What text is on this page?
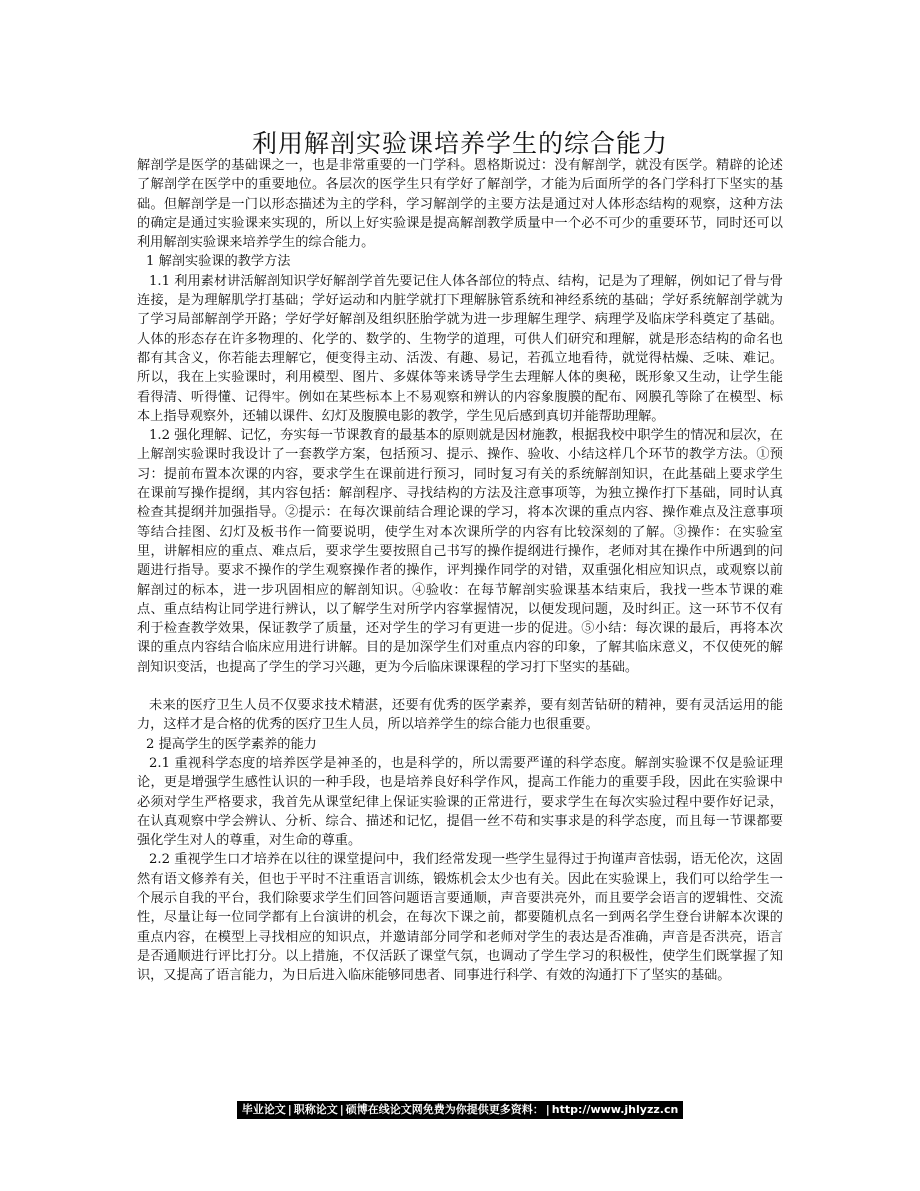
利用解剖实验课培养学生的综合能力

解剖学是医学的基础课之一，也是非常重要的一门学科。恩格斯说过：没有解剖学，就没有医学。精辟的论述了解剖学在医学中的重要地位。各层次的医学生只有学好了解剖学，才能为后面所学的各门学科打下坚实的基础。但解剖学是一门以形态描述为主的学科，学习解剖学的主要方法是通过对人体形态结构的观察，这种方法的确定是通过实验课来实现的，所以上好实验课是提高解剖教学质量中一个必不可少的重要环节，同时还可以利用解剖实验课来培养学生的综合能力。

1 解剖实验课的教学方法

1.1 利用素材讲活解剖知识学好解剖学首先要记住人体各部位的特点、结构，记是为了理解，例如记了骨与骨连接，是为理解肌学打基础；学好运动和内脏学就打下理解脉管系统和神经系统的基础；学好系统解剖学就为了学习局部解剖学开路；学好学好解剖及组织胚胎学就为进一步理解生理学、病理学及临床学科奠定了基础。人体的形态存在许多物理的、化学的、数学的、生物学的道理，可供人们研究和理解，就是形态结构的命名也都有其含义，你若能去理解它，便变得主动、活泼、有趣、易记，若孤立地看待，就觉得枯燥、乏味、难记。所以，我在上实验课时，利用模型、图片、多媒体等来诱导学生去理解人体的奥秘，既形象又生动，让学生能看得清、听得懂、记得牢。例如在某些标本上不易观察和辨认的内容象腹膜的配布、网膜孔等除了在模型、标本上指导观察外，还辅以课件、幻灯及腹膜电影的教学，学生见后感到真切并能帮助理解。

1.2 强化理解、记忆，夯实每一节课教育的最基本的原则就是因材施教，根据我校中职学生的情况和层次，在上解剖实验课时我设计了一套教学方案，包括预习、提示、操作、验收、小结这样几个环节的教学方法。①预习：提前布置本次课的内容，要求学生在课前进行预习，同时复习有关的系统解剖知识，在此基础上要求学生在课前写操作提纲，其内容包括：解剖程序、寻找结构的方法及注意事项等，为独立操作打下基础，同时认真检查其提纲并加强指导。②提示：在每次课前结合理论课的学习，将本次课的重点内容、操作难点及注意事项等结合挂图、幻灯及板书作一简要说明，使学生对本次课所学的内容有比较深刻的了解。③操作：在实验室里，讲解相应的重点、难点后，要求学生要按照自己书写的操作提纲进行操作，老师对其在操作中所遇到的问题进行指导。要求不操作的学生观察操作者的操作，评判操作同学的对错，双重强化相应知识点，或观察以前解剖过的标本，进一步巩固相应的解剖知识。④验收：在每节解剖实验课基本结束后，我找一些本节课的难点、重点结构让同学进行辨认，以了解学生对所学内容掌握情况，以便发现问题，及时纠正。这一环节不仅有利于检查教学效果，保证教学了质量，还对学生的学习有更进一步的促进。⑤小结：每次课的最后，再将本次课的重点内容结合临床应用进行讲解。目的是加深学生们对重点内容的印象，了解其临床意义，不仅使死的解剖知识变活，也提高了学生的学习兴趣，更为今后临床课课程的学习打下坚实的基础。

未来的医疗卫生人员不仅要求技术精湛，还要有优秀的医学素养，要有刻苦钻研的精神，要有灵活运用的能力，这样才是合格的优秀的医疗卫生人员，所以培养学生的综合能力也很重要。

2 提高学生的医学素养的能力

2.1 重视科学态度的培养医学是神圣的，也是科学的，所以需要严谨的科学态度。解剖实验课不仅是验证理论，更是增强学生感性认识的一种手段，也是培养良好科学作风，提高工作能力的重要手段，因此在实验课中必须对学生严格要求，我首先从课堂纪律上保证实验课的正常进行，要求学生在每次实验过程中要作好记录，在认真观察中学会辨认、分析、综合、描述和记忆，提倡一丝不苟和实事求是的科学态度，而且每一节课都要强化学生对人的尊重，对生命的尊重。

2.2 重视学生口才培养在以往的课堂提问中，我们经常发现一些学生显得过于拘谨声音怯弱，语无伦次，这固然有语文修养有关，但也于平时不注重语言训练，锻炼机会太少也有关。因此在实验课上，我们可以给学生一个展示自我的平台，我们除要求学生们回答问题语言要通顺，声音要洪亮外，而且要学会语言的逻辑性、交流性，尽量让每一位同学都有上台演讲的机会，在每次下课之前，都要随机点名一到两名学生登台讲解本次课的重点内容，在模型上寻找相应的知识点，并邀请部分同学和老师对学生的表达是否准确，声音是否洪亮，语言是否通顺进行评比打分。以上措施，不仅活跃了课堂气氛，也调动了学生学习的积极性，使学生们既掌握了知识，又提高了语言能力，为日后进入临床能够同患者、同事进行科学、有效的沟通打下了坚实的基础。

毕业论文 | 职称论文 | 硕博在线论文网免费为你提供更多资料： | http://www.jhlyzz.cn
